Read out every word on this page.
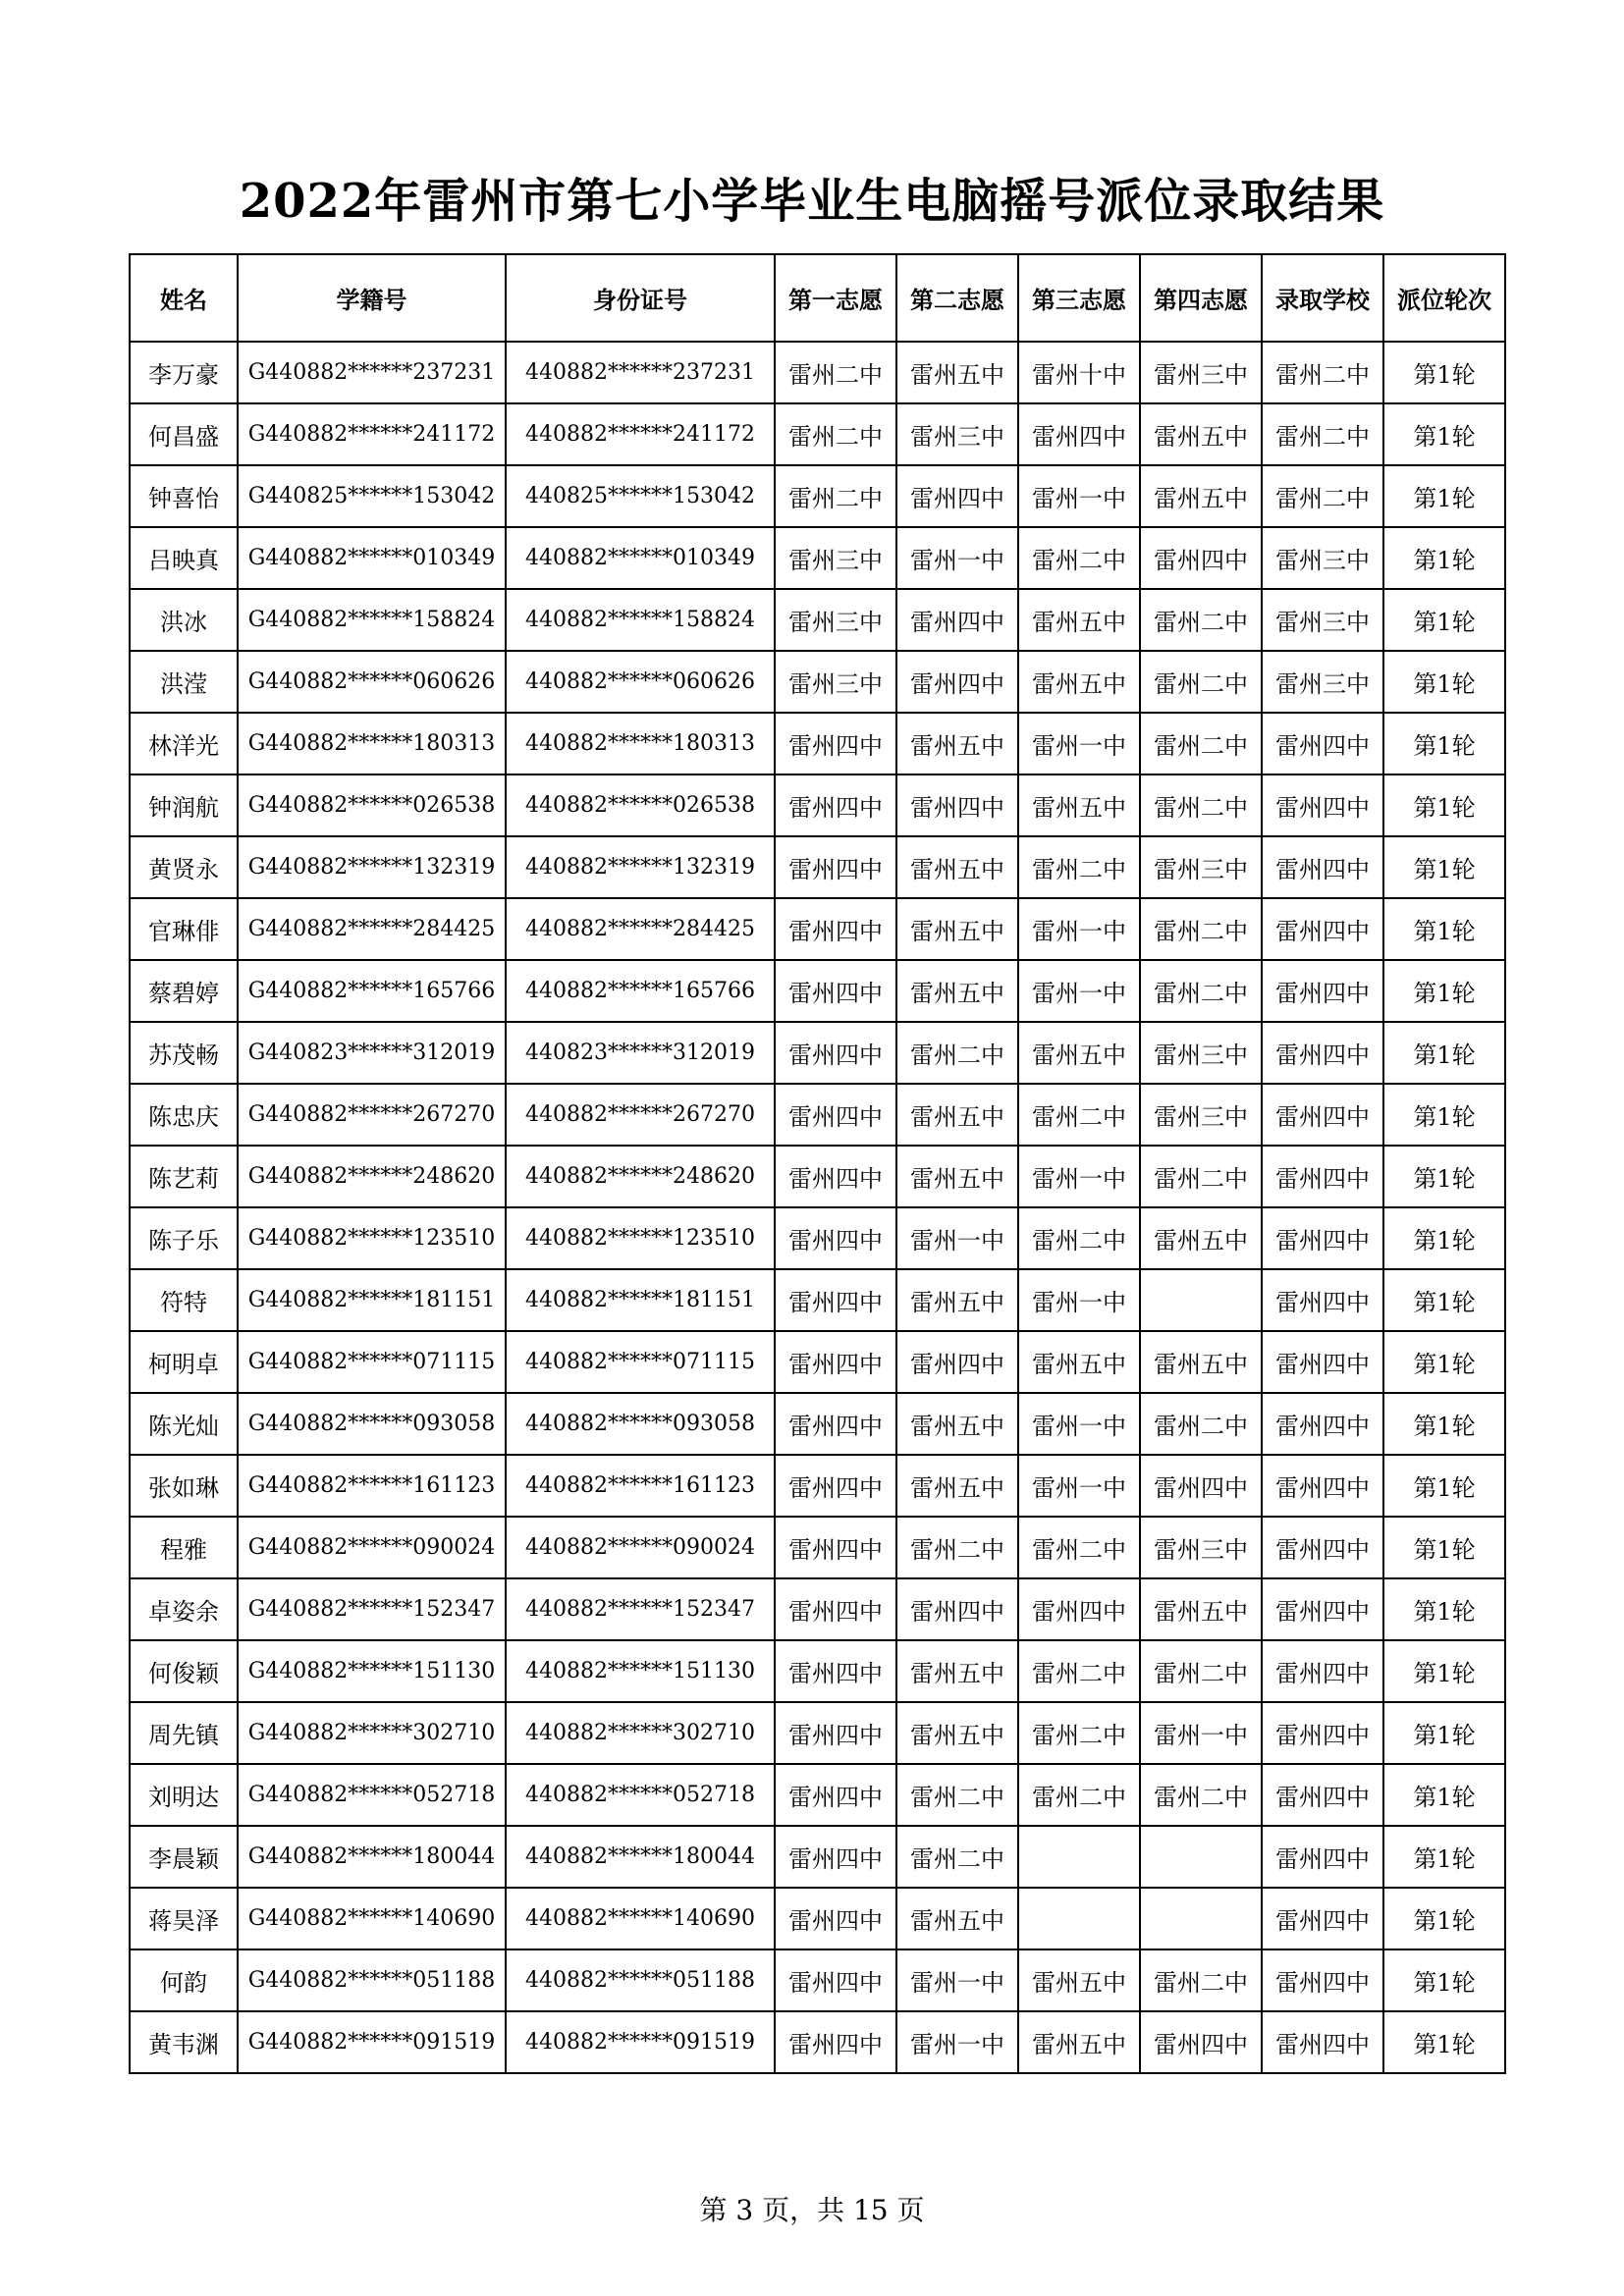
2022年雷州市第七小学毕业生电脑摇号派位录取结果
姓名	学籍号	身份证号	第一志愿	第二志愿	第三志愿	第四志愿	录取学校	派位轮次
李万豪	G440882******237231	440882******237231	雷州二中	雷州五中	雷州十中	雷州三中	雷州二中	第1轮
何昌盛	G440882******241172	440882******241172	雷州二中	雷州三中	雷州四中	雷州五中	雷州二中	第1轮
钟喜怡	G440825******153042	440825******153042	雷州二中	雷州四中	雷州一中	雷州五中	雷州二中	第1轮
吕映真	G440882******010349	440882******010349	雷州三中	雷州一中	雷州二中	雷州四中	雷州三中	第1轮
洪冰	G440882******158824	440882******158824	雷州三中	雷州四中	雷州五中	雷州二中	雷州三中	第1轮
洪滢	G440882******060626	440882******060626	雷州三中	雷州四中	雷州五中	雷州二中	雷州三中	第1轮
林洋光	G440882******180313	440882******180313	雷州四中	雷州五中	雷州一中	雷州二中	雷州四中	第1轮
钟润航	G440882******026538	440882******026538	雷州四中	雷州四中	雷州五中	雷州二中	雷州四中	第1轮
黄贤永	G440882******132319	440882******132319	雷州四中	雷州五中	雷州二中	雷州三中	雷州四中	第1轮
官琳俳	G440882******284425	440882******284425	雷州四中	雷州五中	雷州一中	雷州二中	雷州四中	第1轮
蔡碧婷	G440882******165766	440882******165766	雷州四中	雷州五中	雷州一中	雷州二中	雷州四中	第1轮
苏茂畅	G440823******312019	440823******312019	雷州四中	雷州二中	雷州五中	雷州三中	雷州四中	第1轮
陈忠庆	G440882******267270	440882******267270	雷州四中	雷州五中	雷州二中	雷州三中	雷州四中	第1轮
陈艺莉	G440882******248620	440882******248620	雷州四中	雷州五中	雷州一中	雷州二中	雷州四中	第1轮
陈子乐	G440882******123510	440882******123510	雷州四中	雷州一中	雷州二中	雷州五中	雷州四中	第1轮
符特	G440882******181151	440882******181151	雷州四中	雷州五中	雷州一中		雷州四中	第1轮
柯明卓	G440882******071115	440882******071115	雷州四中	雷州四中	雷州五中	雷州五中	雷州四中	第1轮
陈光灿	G440882******093058	440882******093058	雷州四中	雷州五中	雷州一中	雷州二中	雷州四中	第1轮
张如琳	G440882******161123	440882******161123	雷州四中	雷州五中	雷州一中	雷州四中	雷州四中	第1轮
程雅	G440882******090024	440882******090024	雷州四中	雷州二中	雷州二中	雷州三中	雷州四中	第1轮
卓姿余	G440882******152347	440882******152347	雷州四中	雷州四中	雷州四中	雷州五中	雷州四中	第1轮
何俊颖	G440882******151130	440882******151130	雷州四中	雷州五中	雷州二中	雷州二中	雷州四中	第1轮
周先镇	G440882******302710	440882******302710	雷州四中	雷州五中	雷州二中	雷州一中	雷州四中	第1轮
刘明达	G440882******052718	440882******052718	雷州四中	雷州二中	雷州二中	雷州二中	雷州四中	第1轮
李晨颖	G440882******180044	440882******180044	雷州四中	雷州二中			雷州四中	第1轮
蒋昊泽	G440882******140690	440882******140690	雷州四中	雷州五中			雷州四中	第1轮
何韵	G440882******051188	440882******051188	雷州四中	雷州一中	雷州五中	雷州二中	雷州四中	第1轮
黄韦渊	G440882******091519	440882******091519	雷州四中	雷州一中	雷州五中	雷州四中	雷州四中	第1轮
第 3 页，共 15 页
